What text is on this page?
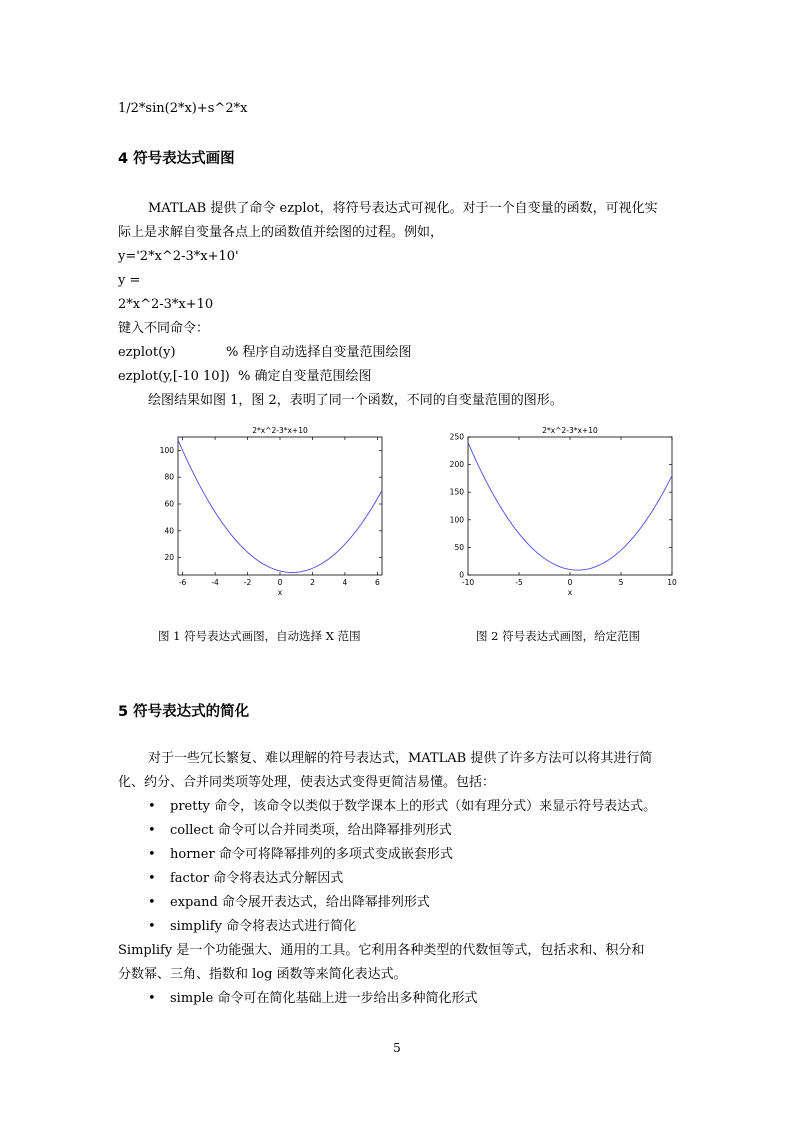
1/2*sin(2*x)+s^2*x
4 符号表达式画图
MATLAB 提供了命令 ezplot，将符号表达式可视化。对于一个自变量的函数，可视化实
际上是求解自变量各点上的函数值并绘图的过程。例如，
y='2*x^2-3*x+10'
y =
2*x^2-3*x+10
键入不同命令：
ezplot(y)	% 程序自动选择自变量范围绘图
ezplot(y,[-10 10]) % 确定自变量范围绘图
绘图结果如图 1，图 2，表明了同一个函数，不同的自变量范围的图形。
2*x^2-3*x+10
-6	-4	-2	0	2	4	6
20
40
60
80
100
x
2*x^2-3*x+10
-10	-5	0	5	10
0
50
100
150
200
250
x
图 1 符号表达式画图，自动选择 X 范围	图 2 符号表达式画图，给定范围
5 符号表达式的简化
对于一些冗长繁复、难以理解的符号表达式，MATLAB 提供了许多方法可以将其进行简
化、约分、合并同类项等处理，使表达式变得更简洁易懂。包括：
• pretty 命令，该命令以类似于数学课本上的形式（如有理分式）来显示符号表达式。
• collect 命令可以合并同类项，给出降幂排列形式
• horner 命令可将降幂排列的多项式变成嵌套形式
• factor 命令将表达式分解因式
• expand 命令展开表达式，给出降幂排列形式
• simplify 命令将表达式进行简化
Simplify 是一个功能强大、通用的工具。它利用各种类型的代数恒等式，包括求和、积分和
分数幂、三角、指数和 log 函数等来简化表达式。
• simple 命令可在简化基础上进一步给出多种简化形式
5
